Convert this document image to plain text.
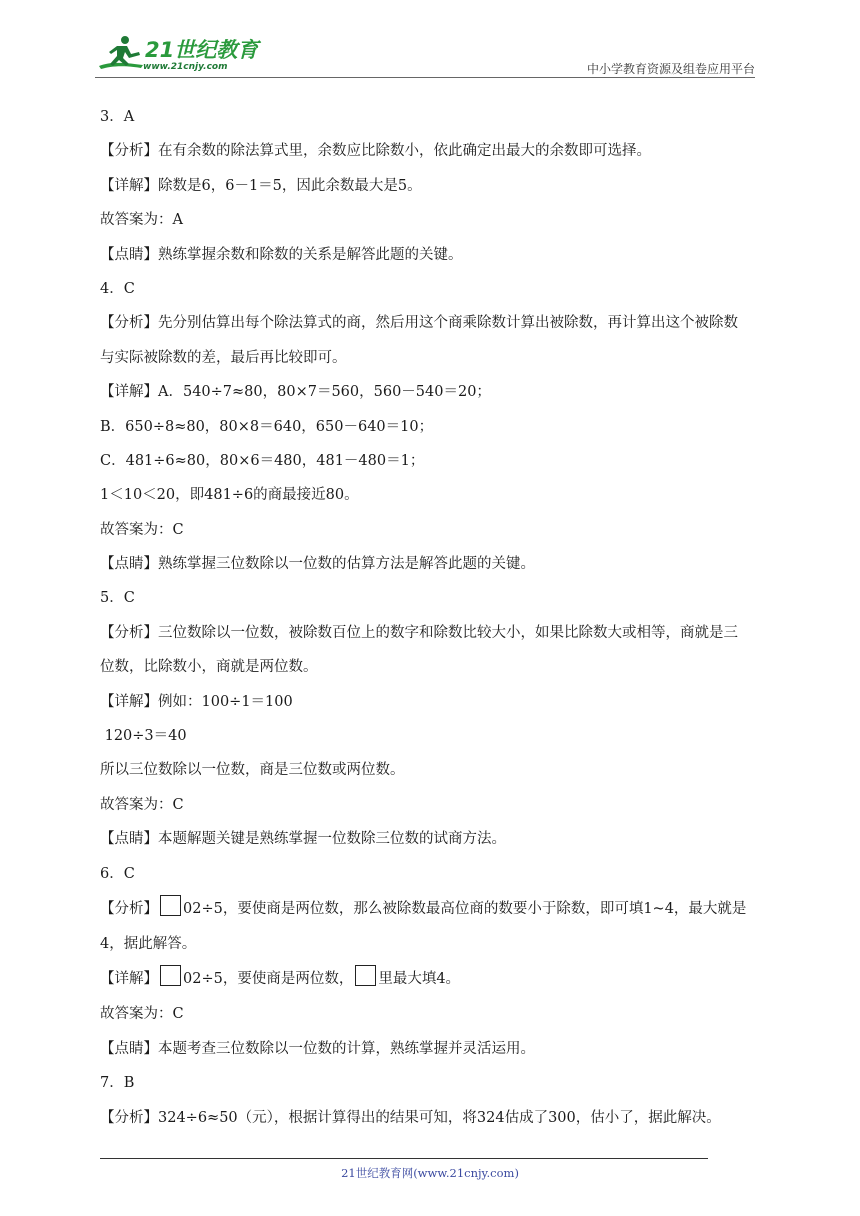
21世纪教育
www.21cnjy.com	中小学教育资源及组卷应用平台
3．A
【分析】在有余数的除法算式里，余数应比除数小，依此确定出最大的余数即可选择。
【详解】除数是6，6－1＝5，因此余数最大是5。
故答案为：A
【点睛】熟练掌握余数和除数的关系是解答此题的关键。
4．C
【分析】先分别估算出每个除法算式的商，然后用这个商乘除数计算出被除数，再计算出这个被除数
与实际被除数的差，最后再比较即可。
【详解】A．540÷7≈80，80×7＝560，560－540＝20；
B．650÷8≈80，80×8＝640，650－640＝10；
C．481÷6≈80，80×6＝480，481－480＝1；
1＜10＜20，即481÷6的商最接近80。
故答案为：C
【点睛】熟练掌握三位数除以一位数的估算方法是解答此题的关键。
5．C
【分析】三位数除以一位数，被除数百位上的数字和除数比较大小，如果比除数大或相等，商就是三
位数，比除数小，商就是两位数。
【详解】例如：100÷1＝100
120÷3＝40
所以三位数除以一位数，商是三位数或两位数。
故答案为：C
【点睛】本题解题关键是熟练掌握一位数除三位数的试商方法。
6．C
【分析】 02÷5，要使商是两位数，那么被除数最高位商的数要小于除数，即可填1~4，最大就是
4，据此解答。
【详解】 02÷5，要使商是两位数， 里最大填4。
故答案为：C
【点睛】本题考查三位数除以一位数的计算，熟练掌握并灵活运用。
7．B
【分析】324÷6≈50（元），根据计算得出的结果可知，将324估成了300，估小了，据此解决。
21世纪教育网(www.21cnjy.com)
